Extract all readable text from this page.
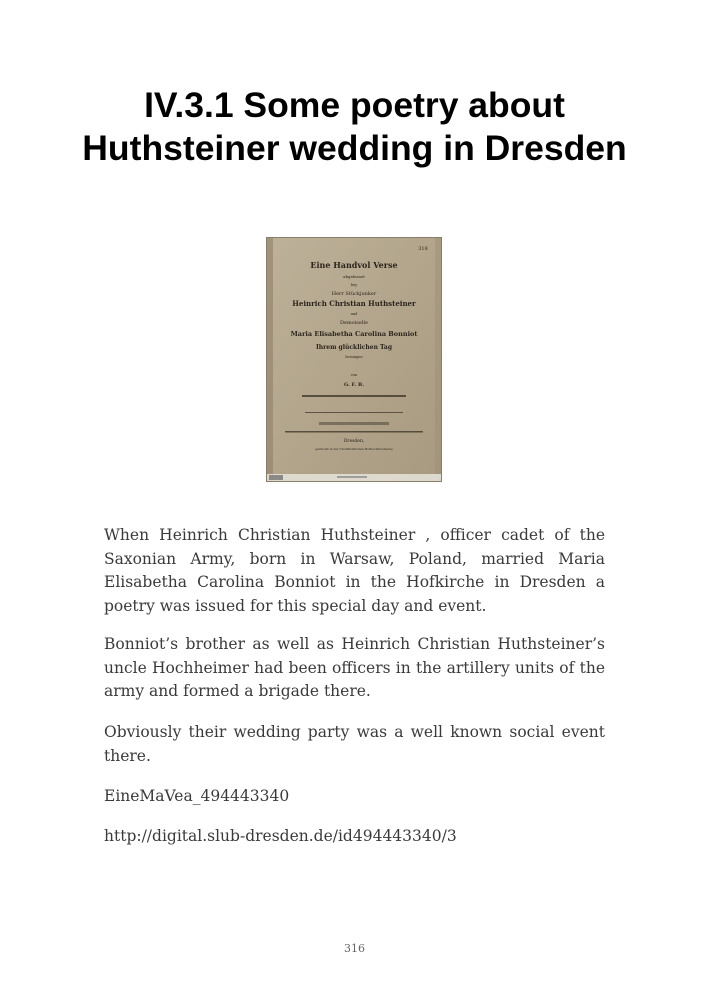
IV.3.1 Some poetry about Huthsteiner wedding in Dresden
318
Eine Handvol Verse
abgefasset
bey
Herr Stückjunker
Heinrich Christian Huthsteiner
und
Demoiselle
Maria Elisabetha Carolina Bonniot
Ihrem glücklichen Tag
besungen
von
G. F. B.
Dresden,
gedruckt in der Churfürstlichen Hofbuchdruckerey

When Heinrich Christian Huthsteiner , officer cadet of the Saxonian Army, born in Warsaw, Poland, married Maria Elisabetha Carolina Bonniot in the Hofkirche in Dresden a poetry was issued for this special day and event.

Bonniot’s brother as well as Heinrich Christian Huthsteiner’s uncle Hochheimer had been officers in the artillery units of the army and formed a brigade there.

Obviously their wedding party was a well known social event there.

EineMaVea_494443340

http://digital.slub-dresden.de/id494443340/3

316
